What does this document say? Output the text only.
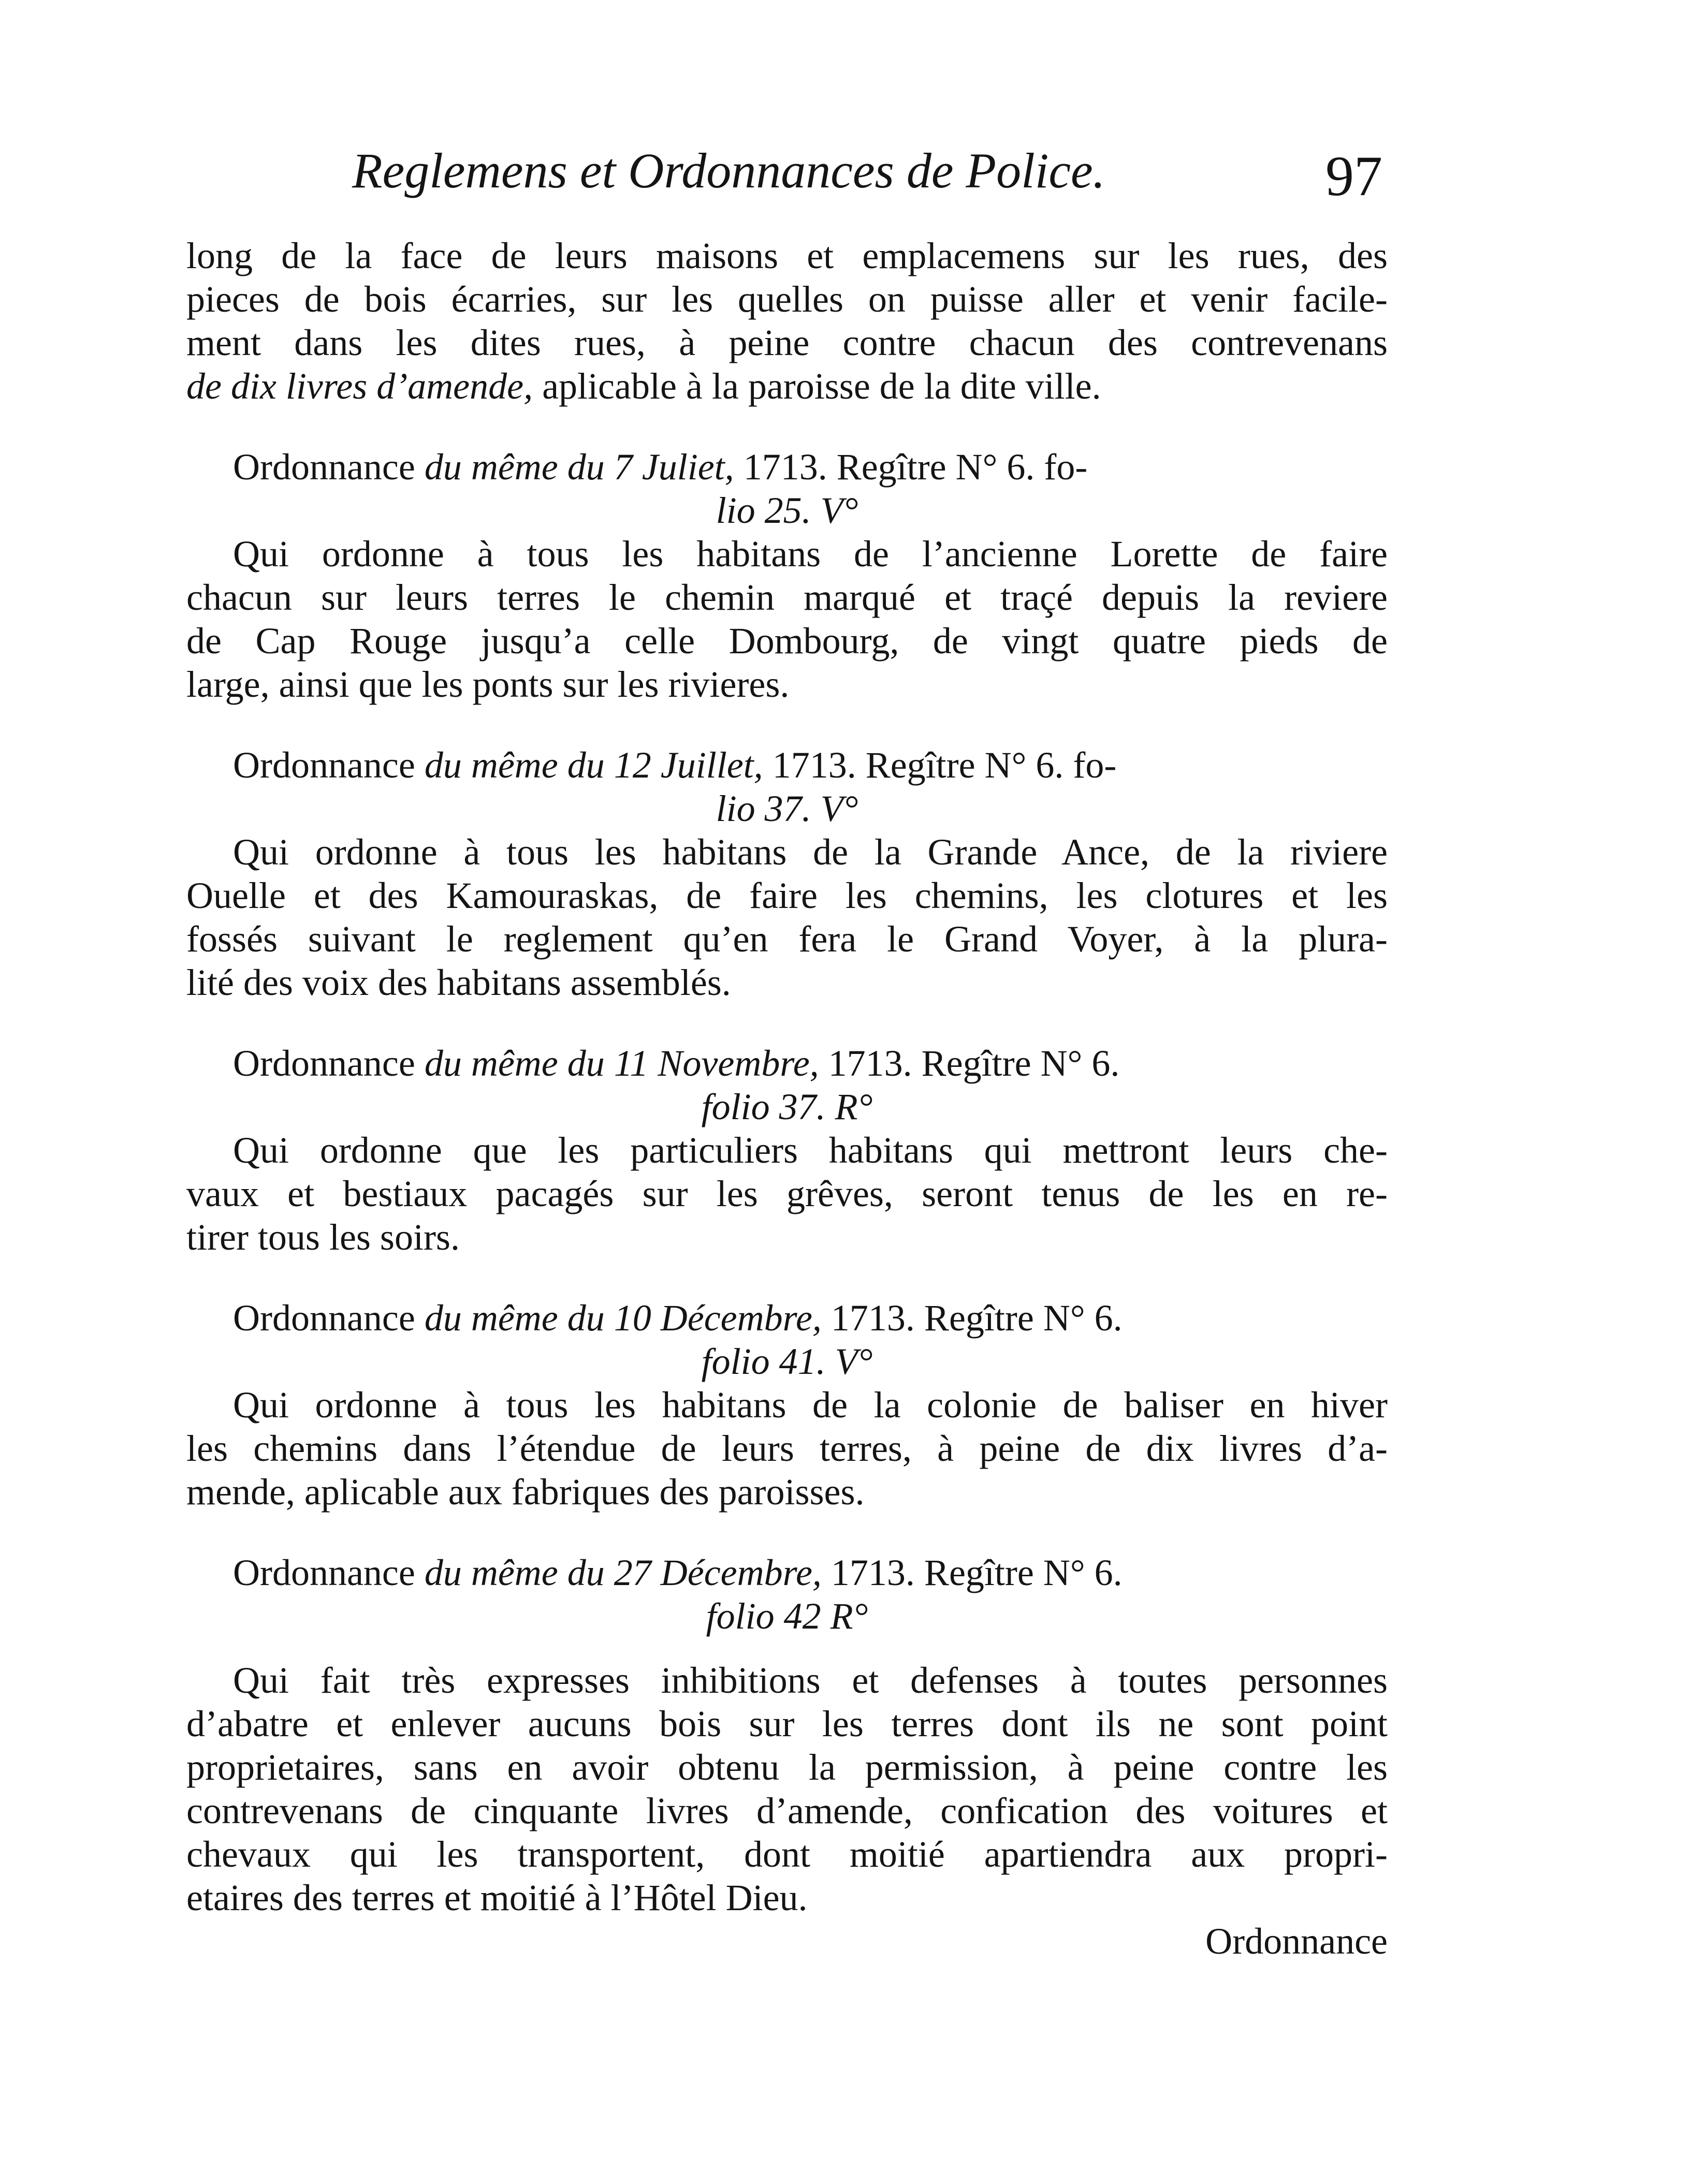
Reglemens et Ordonnances de Police.	97
long de la face de leurs maisons et emplacemens sur les rues, des
pieces de bois écarries, sur les quelles on puisse aller et venir facile-
ment dans les dites rues, à peine contre chacun des contrevenans
de dix livres d’amende, aplicable à la paroisse de la dite ville.
Ordonnance du même du 7 Juliet, 1713. Regître N° 6. fo-
lio 25. V°
Qui ordonne à tous les habitans de l’ancienne Lorette de faire
chacun sur leurs terres le chemin marqué et traçé depuis la reviere
de Cap Rouge jusqu’a celle Dombourg, de vingt quatre pieds de
large, ainsi que les ponts sur les rivieres.
Ordonnance du même du 12 Juillet, 1713. Regître N° 6. fo-
lio 37. V°
Qui ordonne à tous les habitans de la Grande Ance, de la riviere
Ouelle et des Kamouraskas, de faire les chemins, les clotures et les
fossés suivant le reglement qu’en fera le Grand Voyer, à la plura-
lité des voix des habitans assemblés.
Ordonnance du même du 11 Novembre, 1713. Regître N° 6.
folio 37. R°
Qui ordonne que les particuliers habitans qui mettront leurs che-
vaux et bestiaux pacagés sur les grêves, seront tenus de les en re-
tirer tous les soirs.
Ordonnance du même du 10 Décembre, 1713. Regître N° 6.
folio 41. V°
Qui ordonne à tous les habitans de la colonie de baliser en hiver
les chemins dans l’étendue de leurs terres, à peine de dix livres d’a-
mende, aplicable aux fabriques des paroisses.
Ordonnance du même du 27 Décembre, 1713. Regître N° 6.
folio 42 R°
Qui fait très expresses inhibitions et defenses à toutes personnes
d’abatre et enlever aucuns bois sur les terres dont ils ne sont point
proprietaires, sans en avoir obtenu la permission, à peine contre les
contrevenans de cinquante livres d’amende, confication des voitures et
chevaux qui les transportent, dont moitié apartiendra aux propri-
etaires des terres et moitié à l’Hôtel Dieu.
Ordonnance
